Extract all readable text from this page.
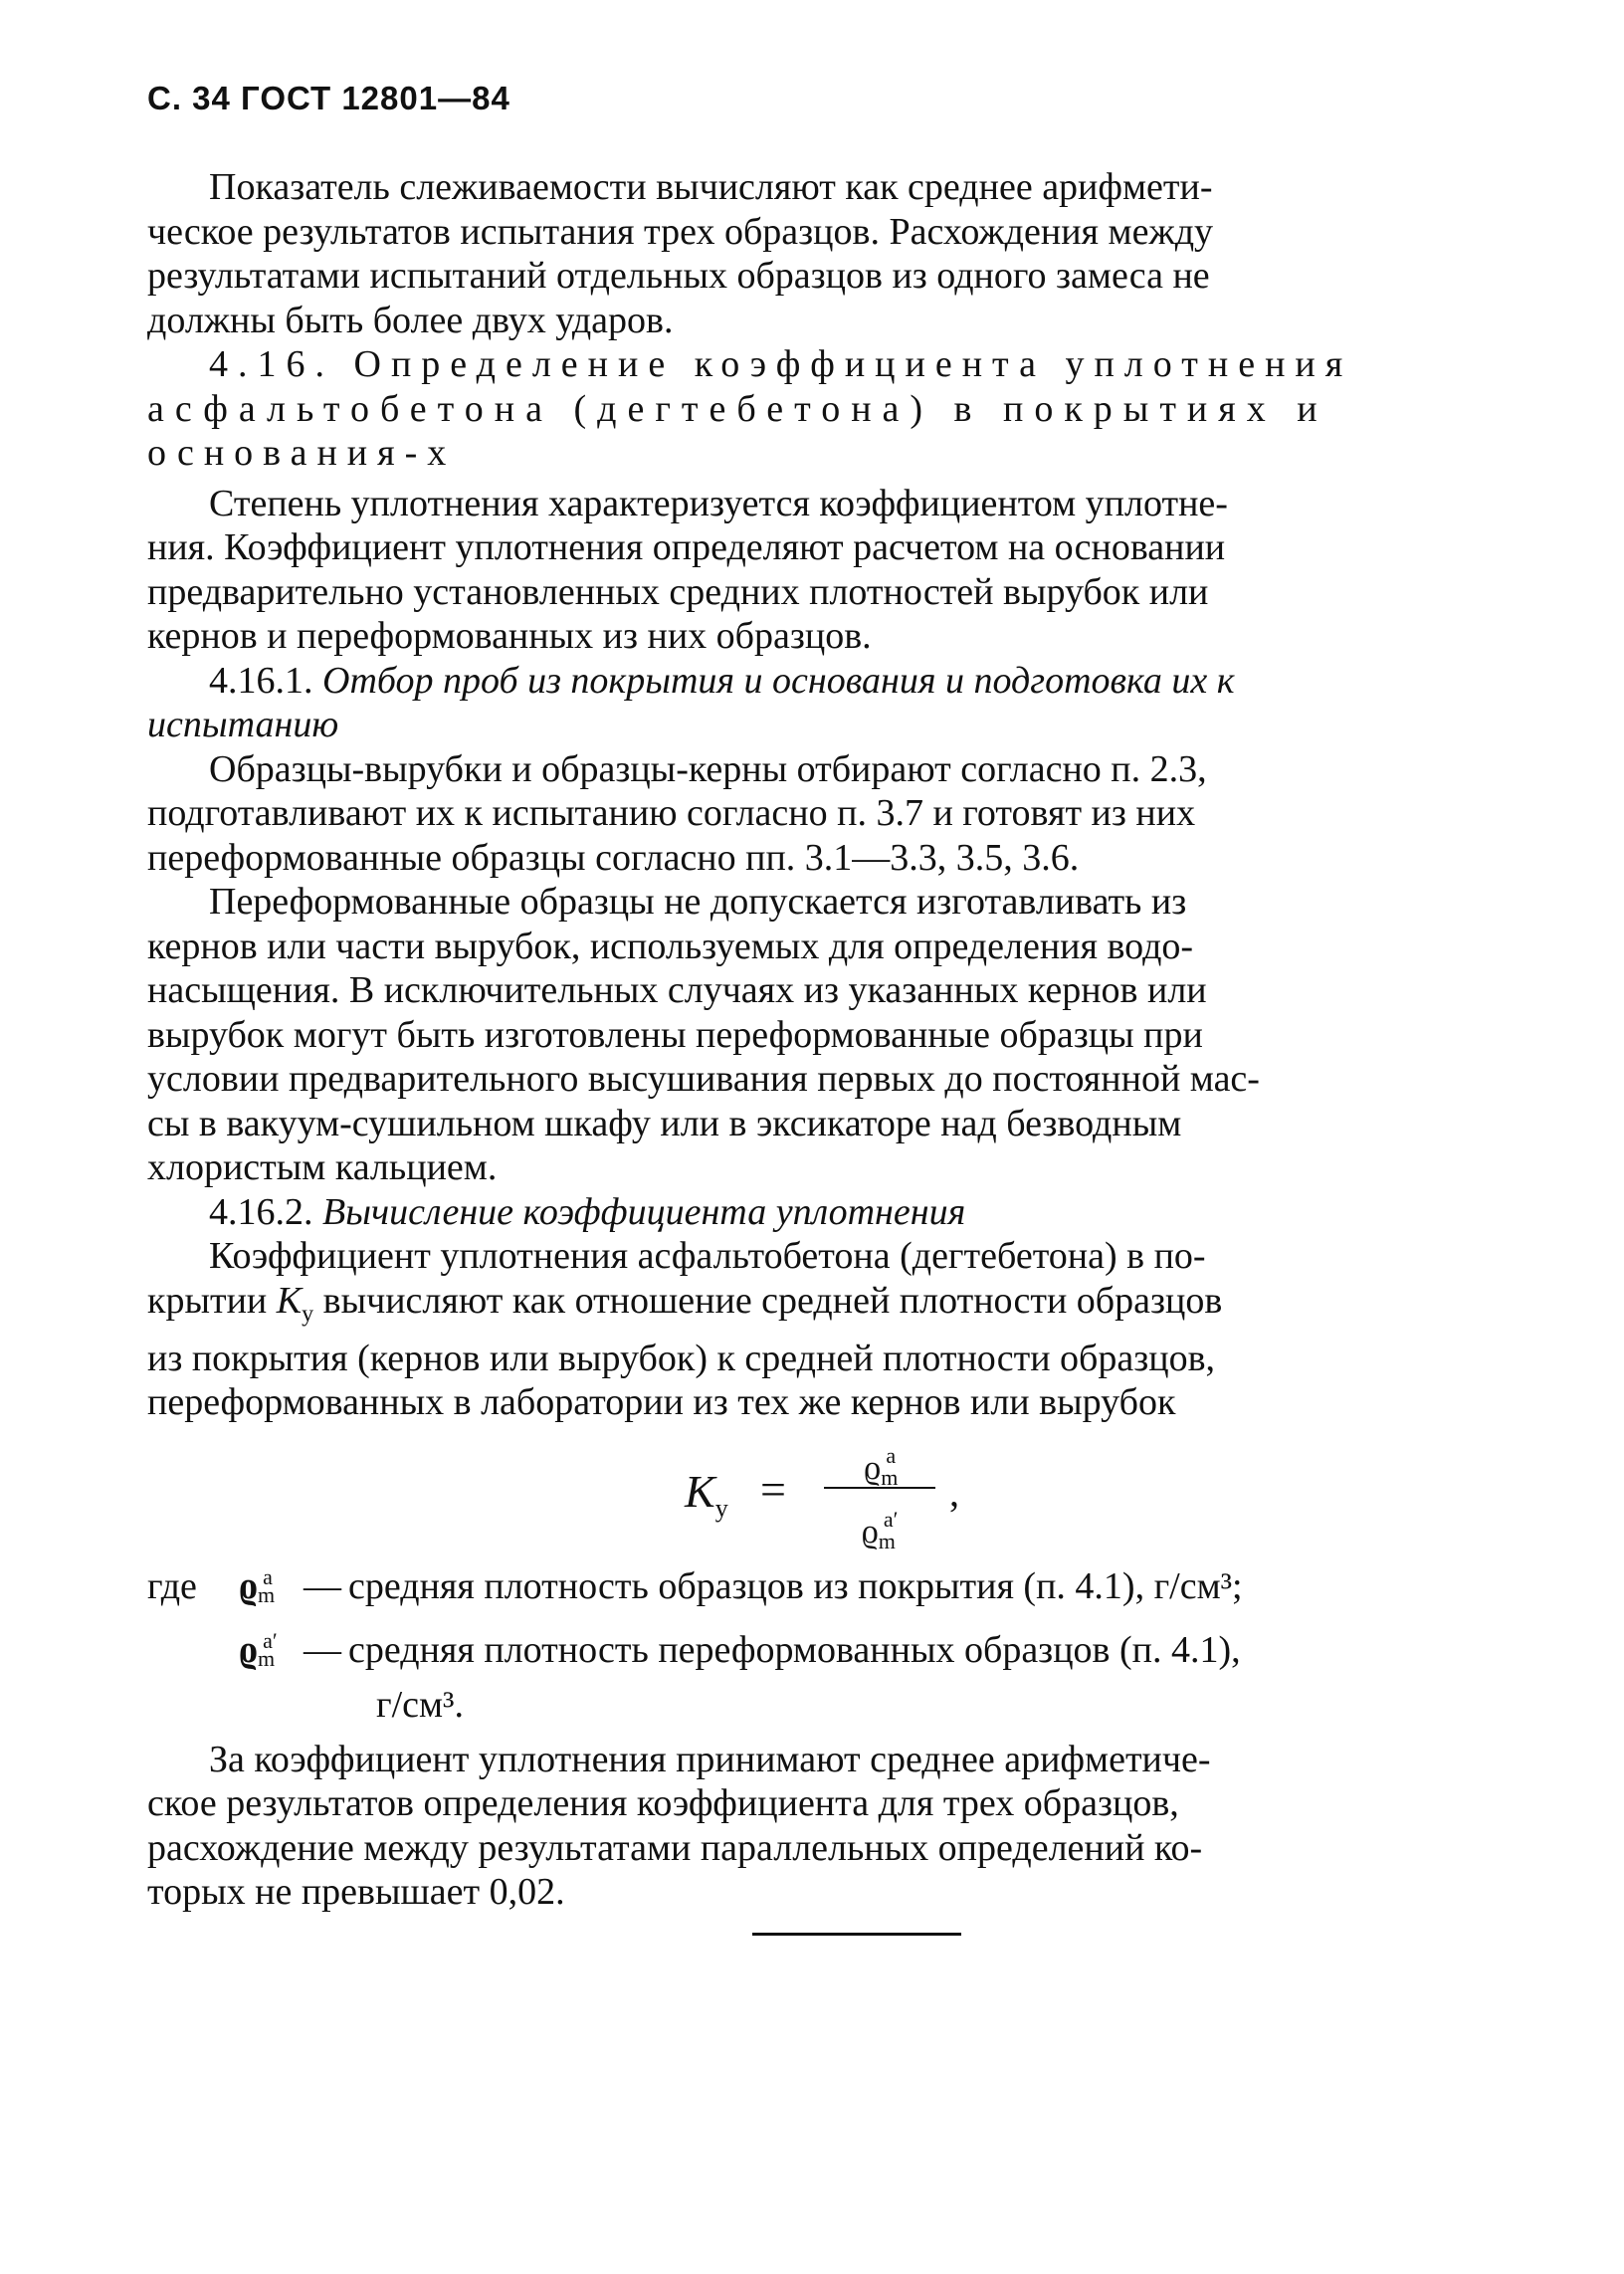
С. 34 ГОСТ 12801—84

Показатель слеживаемости вычисляют как среднее арифмети-

ческое результатов испытания трех образцов. Расхождения между

результатами испытаний отдельных образцов из одного замеса не

должны быть более двух ударов.

4.16. Определение коэффициента уплотнения

асфальтобетона (дегтебетона) в покрытиях и

основания-х

Степень уплотнения характеризуется коэффициентом уплотне-

ния. Коэффициент уплотнения определяют расчетом на основании

предварительно установленных средних плотностей вырубок или

кернов и переформованных из них образцов.

4.16.1. Отбор проб из покрытия и основания и подготовка их к

испытанию

Образцы-вырубки и образцы-керны отбирают согласно п. 2.3,

подготавливают их к испытанию согласно п. 3.7 и готовят из них

переформованные образцы согласно пп. 3.1—3.3, 3.5, 3.6.

Переформованные образцы не допускается изготавливать из

кернов или части вырубок, используемых для определения водо-

насыщения. В исключительных случаях из указанных кернов или

вырубок могут быть изготовлены переформованные образцы при

условии предварительного высушивания первых до постоянной мас-

сы в вакуум-сушильном шкафу или в эксикаторе над безводным

хлористым кальцием.

4.16.2. Вычисление коэффициента уплотнения

Коэффициент уплотнения асфальтобетона (дегтебетона) в по-

крытии $K_у$ вычисляют как отношение средней плотности образцов

из покрытия (кернов или вырубок) к средней плотности образцов,

переформованных в лаборатории из тех же кернов или вырубок

$K_у$ =	$ϱm^a$
$ϱm^{a'}$
,
где	$ϱm^a$ — средняя плотность образцов из покрытия (п. 4.1), г/см³;
$ϱm^{a'}$ — средняя плотность переформованных образцов (п. 4.1),
г/см³.

За коэффициент уплотнения принимают среднее арифметиче-

ское результатов определения коэффициента для трех образцов,

расхождение между результатами параллельных определений ко-

торых не превышает 0,02.
